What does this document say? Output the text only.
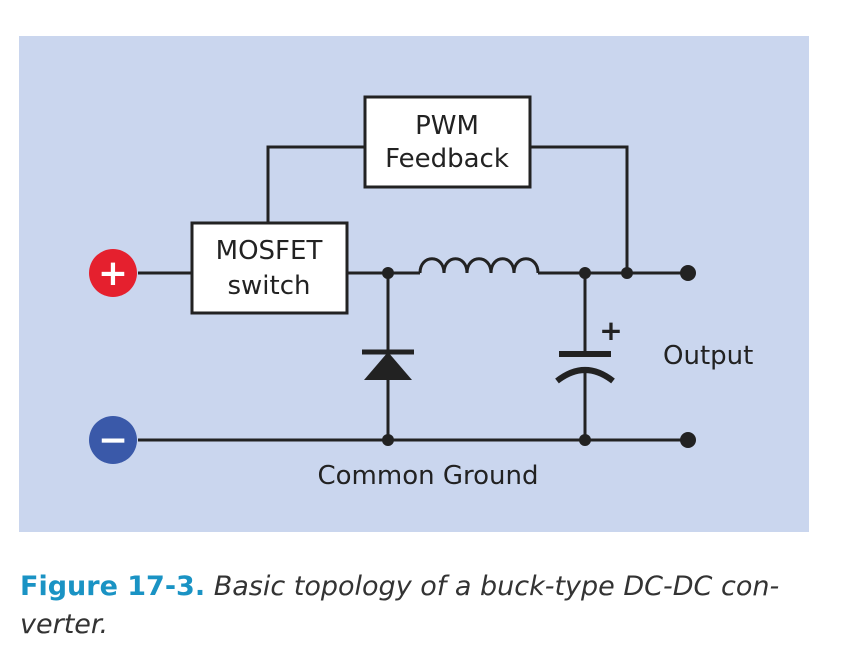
+
PWM
Feedback
MOSFET
switch
+
−
Output
Common Ground
Figure 17-3. Basic topology of a buck-type DC-DC con- verter.
